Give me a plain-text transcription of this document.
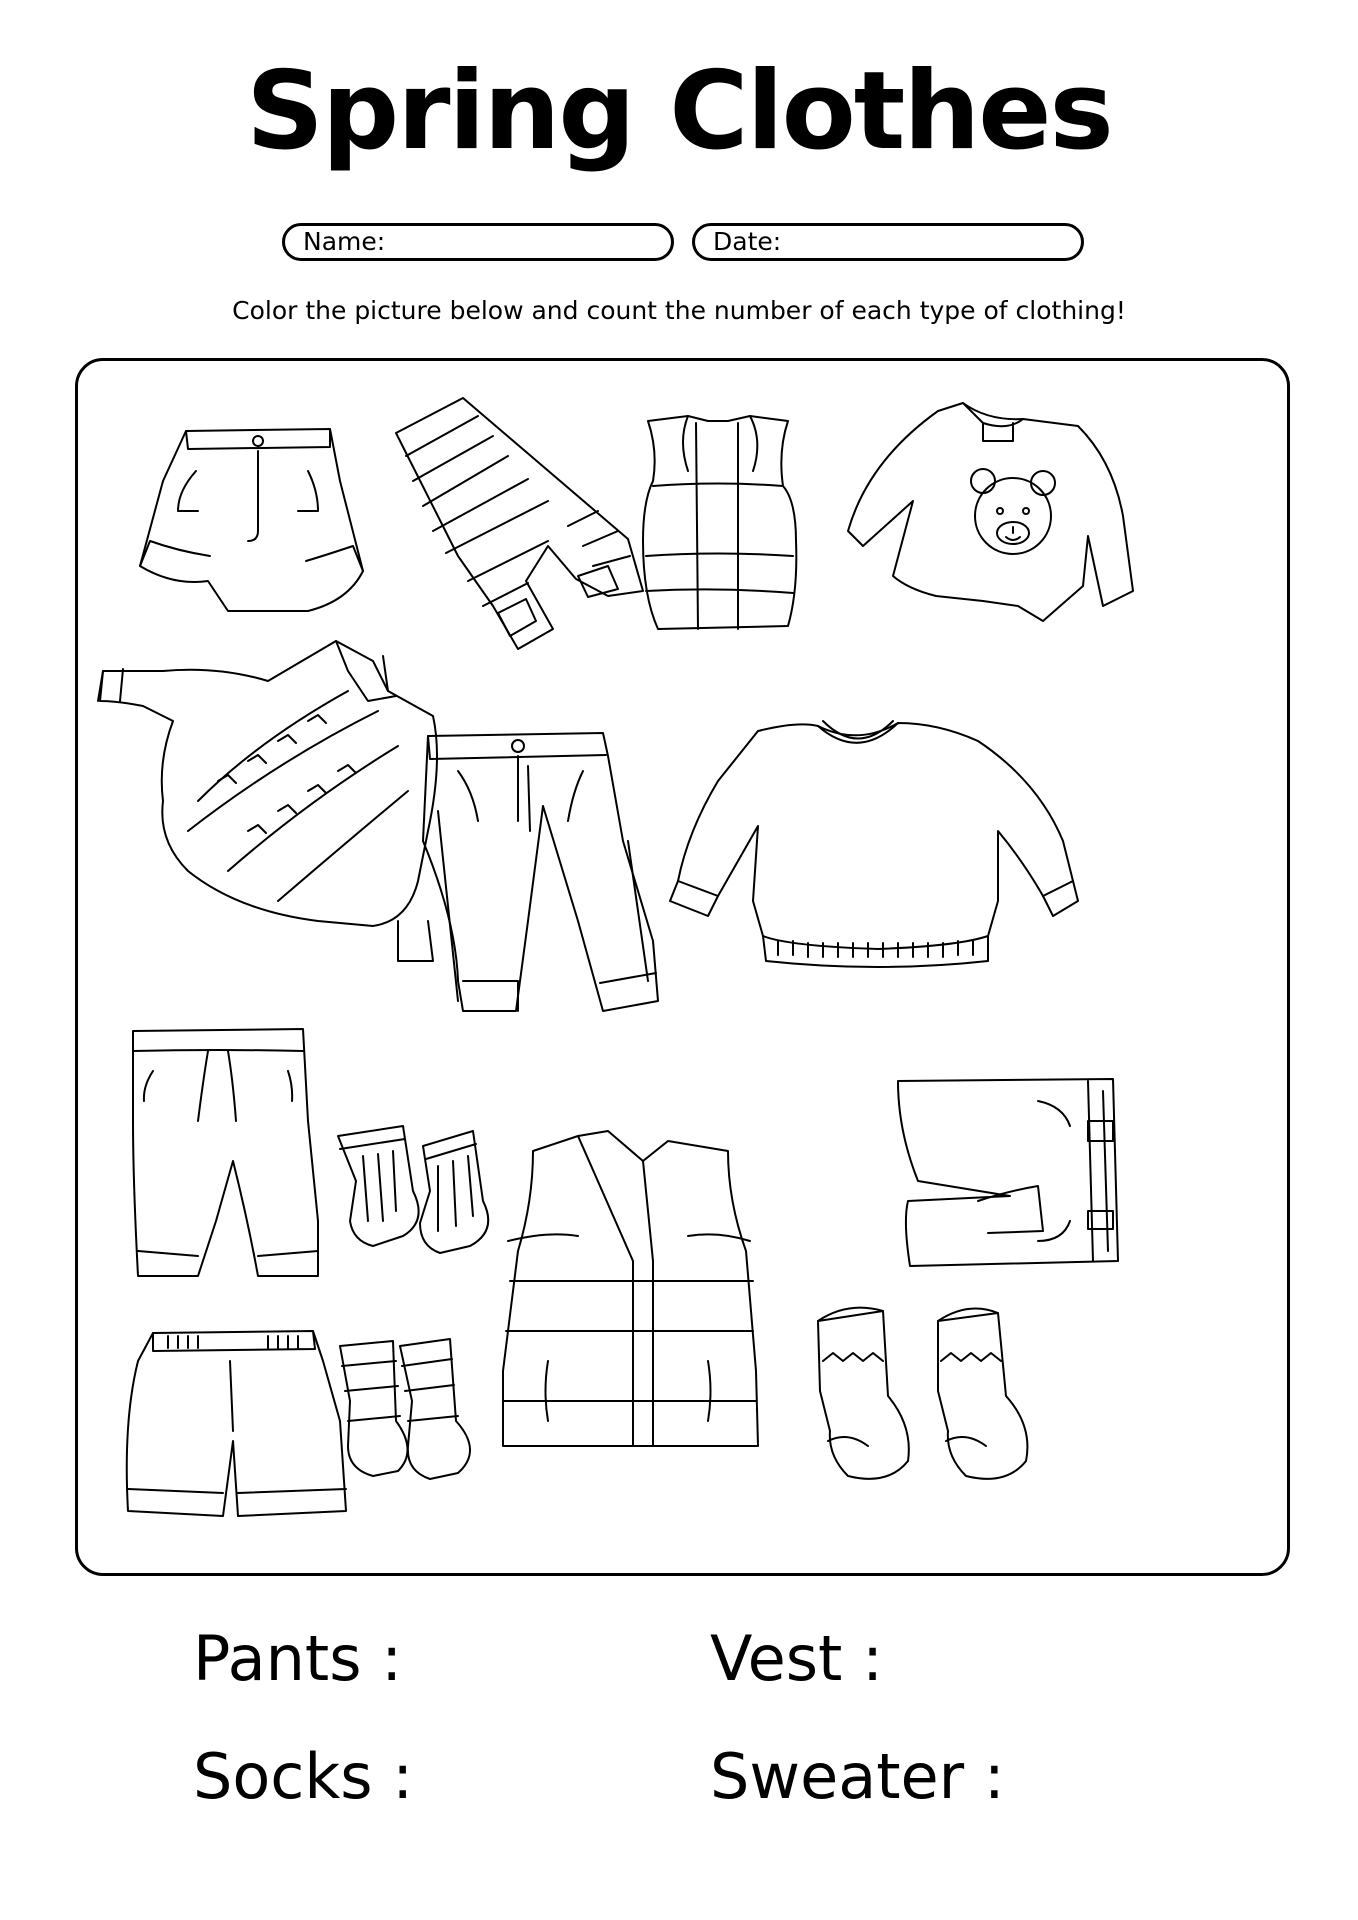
Spring Clothes
Name:	Date:
Color the picture below and count the number of each type of clothing!
Pants :	Vest :
Socks :	Sweater :
